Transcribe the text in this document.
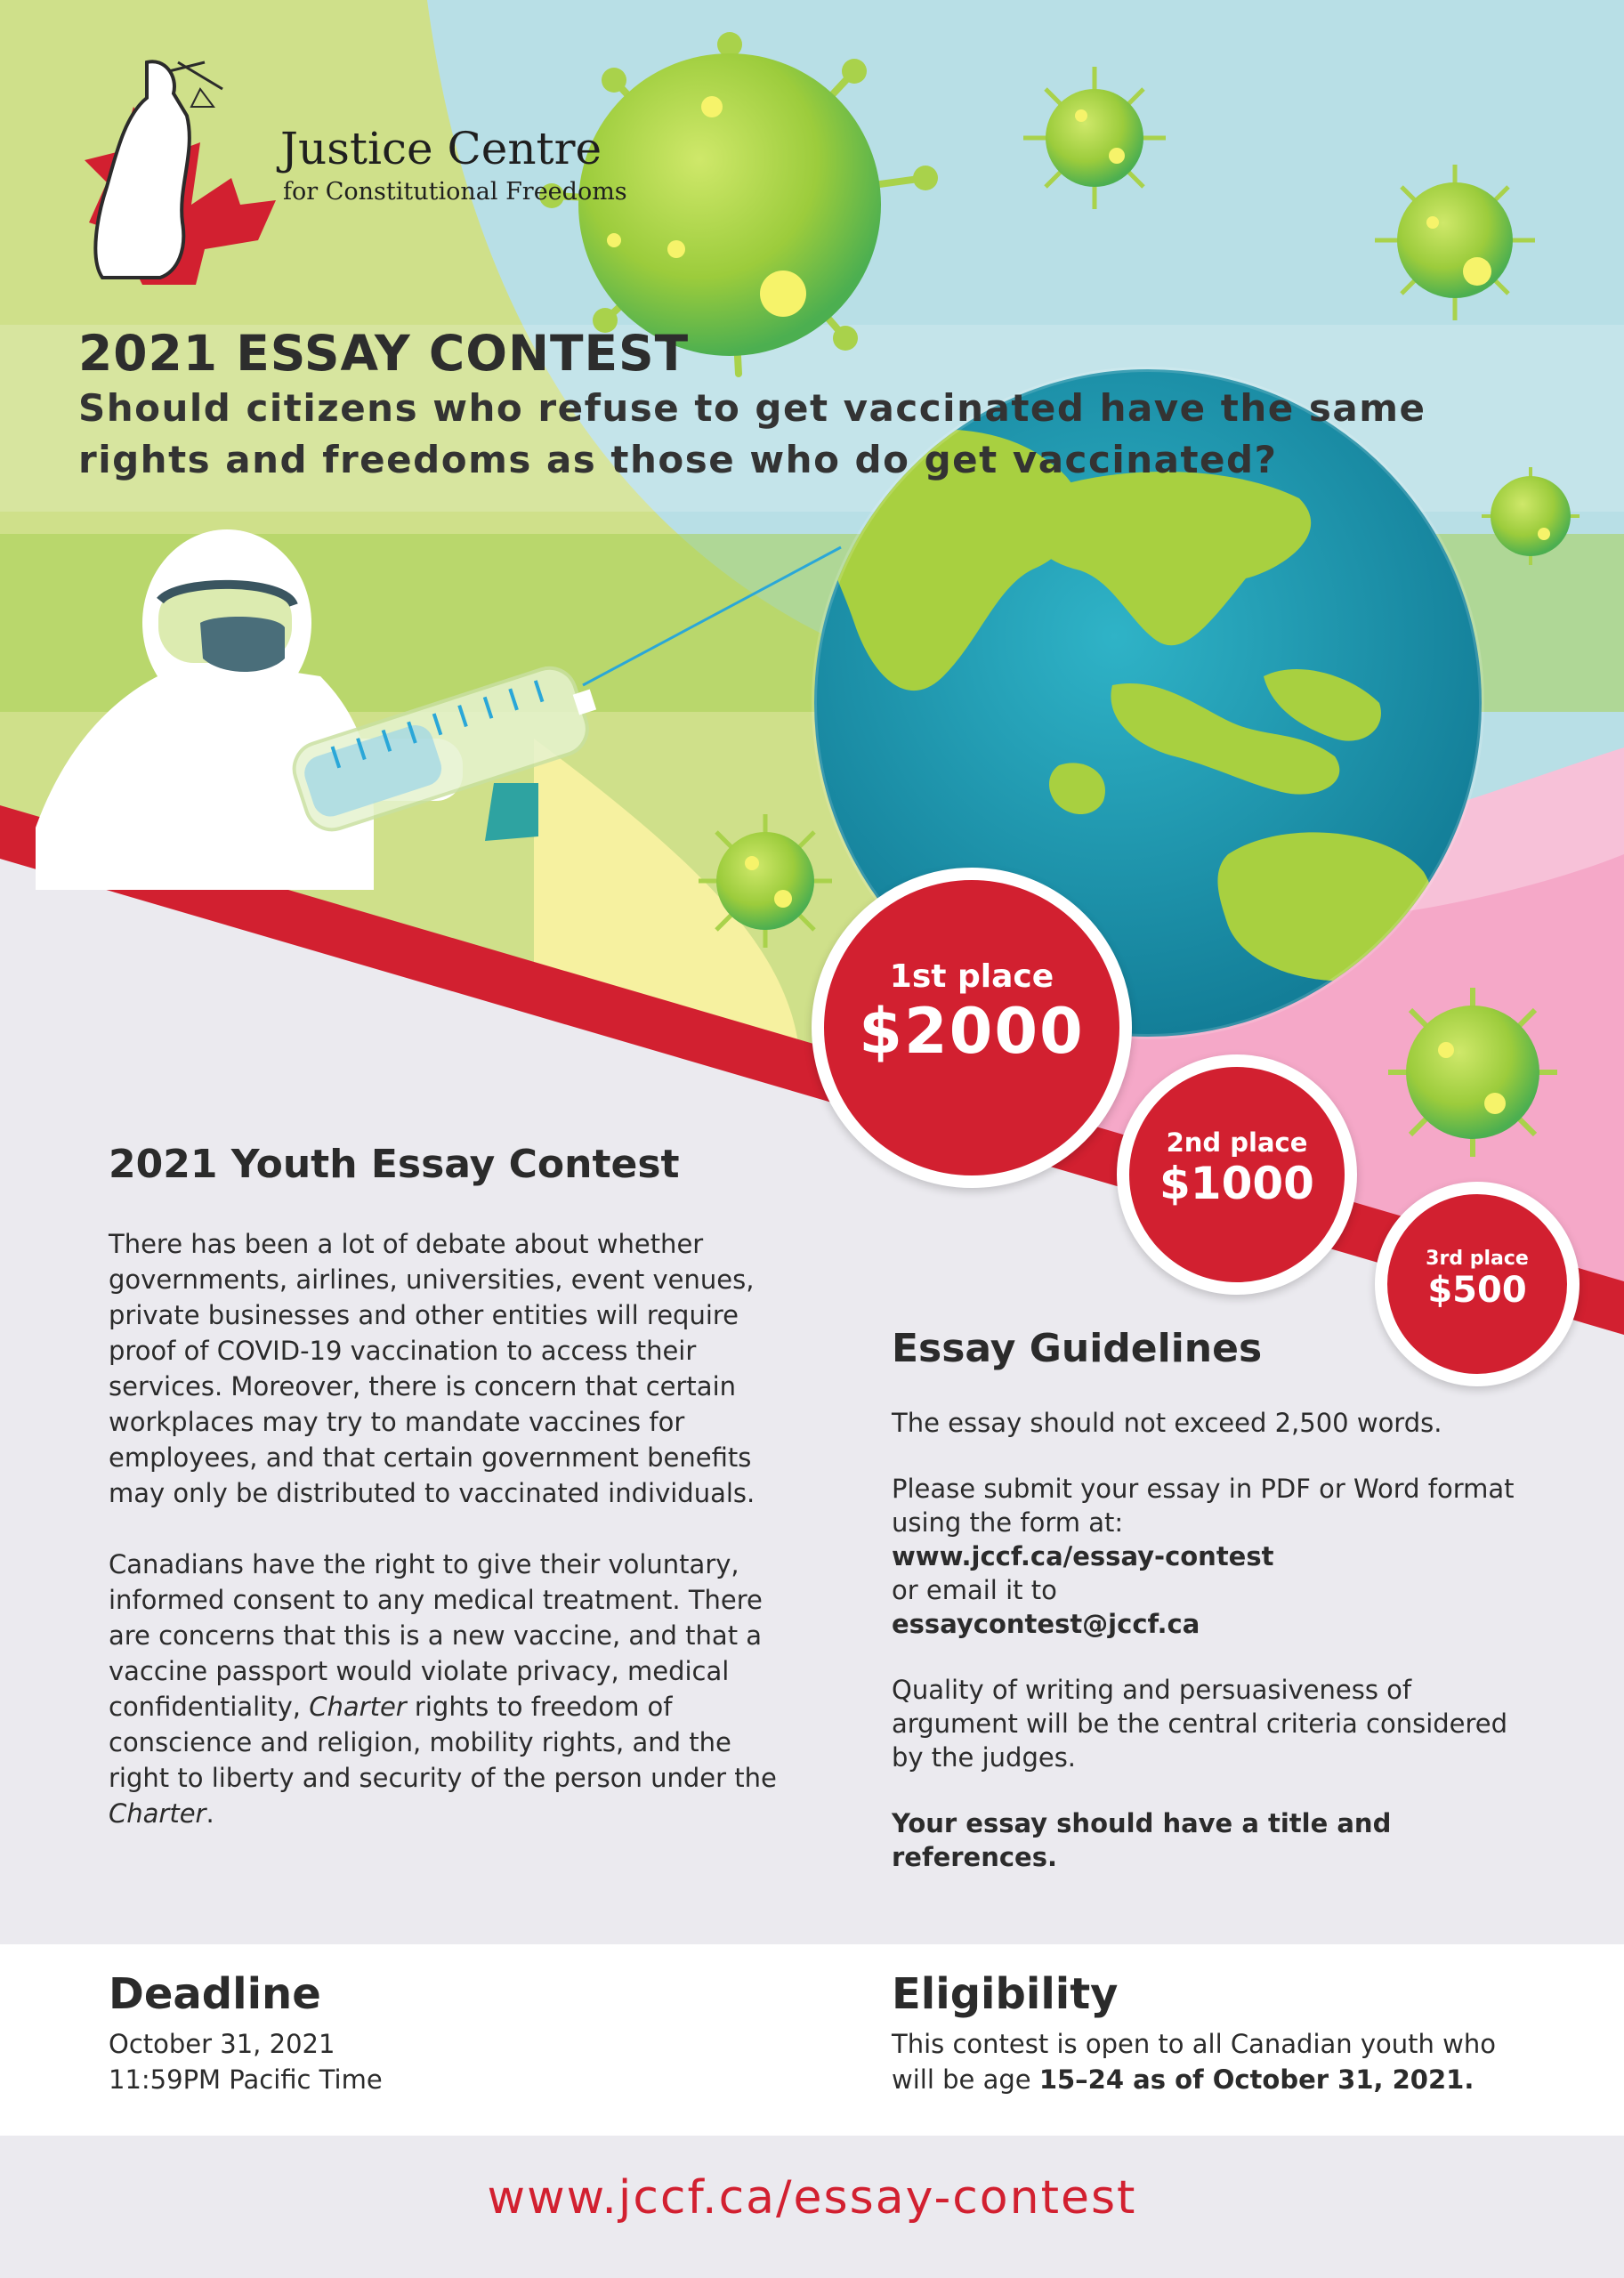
Justice Centre
for Constitutional Freedoms
2021 ESSAY CONTEST
Should citizens who refuse to get vaccinated have the same
rights and freedoms as those who do get vaccinated?
1st place
$2000
2nd place
$1000
3rd place
$500
2021 Youth Essay Contest

There has been a lot of debate about whether governments, airlines, universities, event venues, private businesses and other entities will require proof of COVID-19 vaccination to access their services. Moreover, there is concern that certain workplaces may try to mandate vaccines for employees, and that certain government benefits may only be distributed to vaccinated individuals.

Canadians have the right to give their voluntary, informed consent to any medical treatment. There are concerns that this is a new vaccine, and that a vaccine passport would violate privacy, medical confidentiality, Charter rights to freedom of conscience and religion, mobility rights, and the right to liberty and security of the person under the Charter.

Essay Guidelines

The essay should not exceed 2,500 words.

Please submit your essay in PDF or Word format using the form at:
www.jccf.ca/essay-contest
or email it to
essaycontest@jccf.ca

Quality of writing and persuasiveness of argument will be the central criteria considered by the judges.

Your essay should have a title and references.

Deadline
October 31, 2021
11:59PM Pacific Time
Eligibility
This contest is open to all Canadian youth who will be age 15–24 as of October 31, 2021.
www.jccf.ca/essay-contest
